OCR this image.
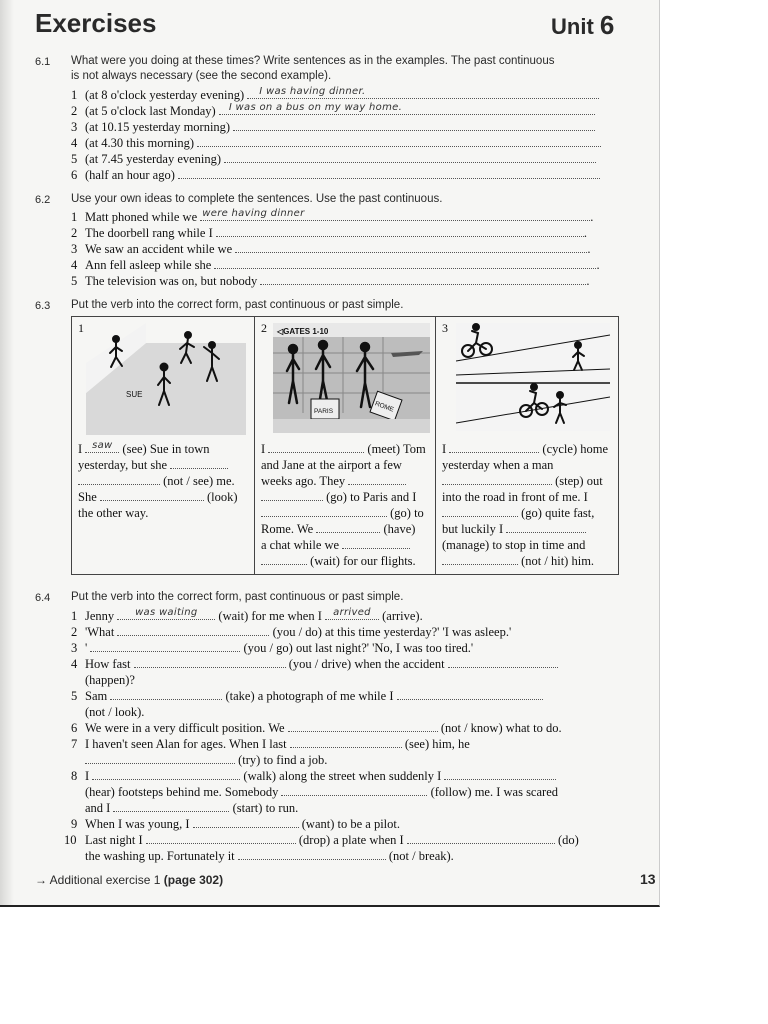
Exercises	Unit 6
6.1 What were you doing at these times? Write sentences as in the examples. The past continuous
is not always necessary (see the second example).
1 (at 8 o'clock yesterday evening)	I was having dinner.
2 (at 5 o'clock last Monday)	I was on a bus on my way home.
3 (at 10.15 yesterday morning)
4 (at 4.30 this morning)
5 (at 7.45 yesterday evening)
6 (half an hour ago)
6.2 Use your own ideas to complete the sentences. Use the past continuous.
1 Matt phoned while we were having dinner	.
2 The doorbell rang while I	.
3 We saw an accident while we	.
4 Ann fell asleep while she	.
5 The television was on, but nobody	.
6.3 Put the verb into the correct form, past continuous or past simple.
1
SUE
I saw (see) Sue in town
yesterday, but she
(not / see) me.
She	(look)
the other way.
2 ◁GATES 1-10
PARIS	ROME
I	(meet) Tom
and Jane at the airport a few
weeks ago. They
(go) to Paris and I
(go) to
Rome. We	(have)
a chat while we
(wait) for our flights.
3
I	(cycle) home
yesterday when a man
(step) out
into the road in front of me. I
(go) quite fast,
but luckily I
(manage) to stop in time and
(not / hit) him.
6.4 Put the verb into the correct form, past continuous or past simple.
1 Jenny	was waiting	(wait) for me when I	arrived (arrive).
2 'What	(you / do) at this time yesterday?' 'I was asleep.'
3 '	(you / go) out last night?' 'No, I was too tired.'
4 How fast	(you / drive) when the accident
(happen)?
5 Sam	(take) a photograph of me while I
(not / look).
6 We were in a very difficult position. We	(not / know) what to do.
7 I haven't seen Alan for ages. When I last	(see) him, he
(try) to find a job.
8 I	(walk) along the street when suddenly I
(hear) footsteps behind me. Somebody	(follow) me. I was scared
and I	(start) to run.
9 When I was young, I	(want) to be a pilot.
10 Last night I	(drop) a plate when I	(do)
the washing up. Fortunately it	(not / break).
→ Additional exercise 1 (page 302)	13
